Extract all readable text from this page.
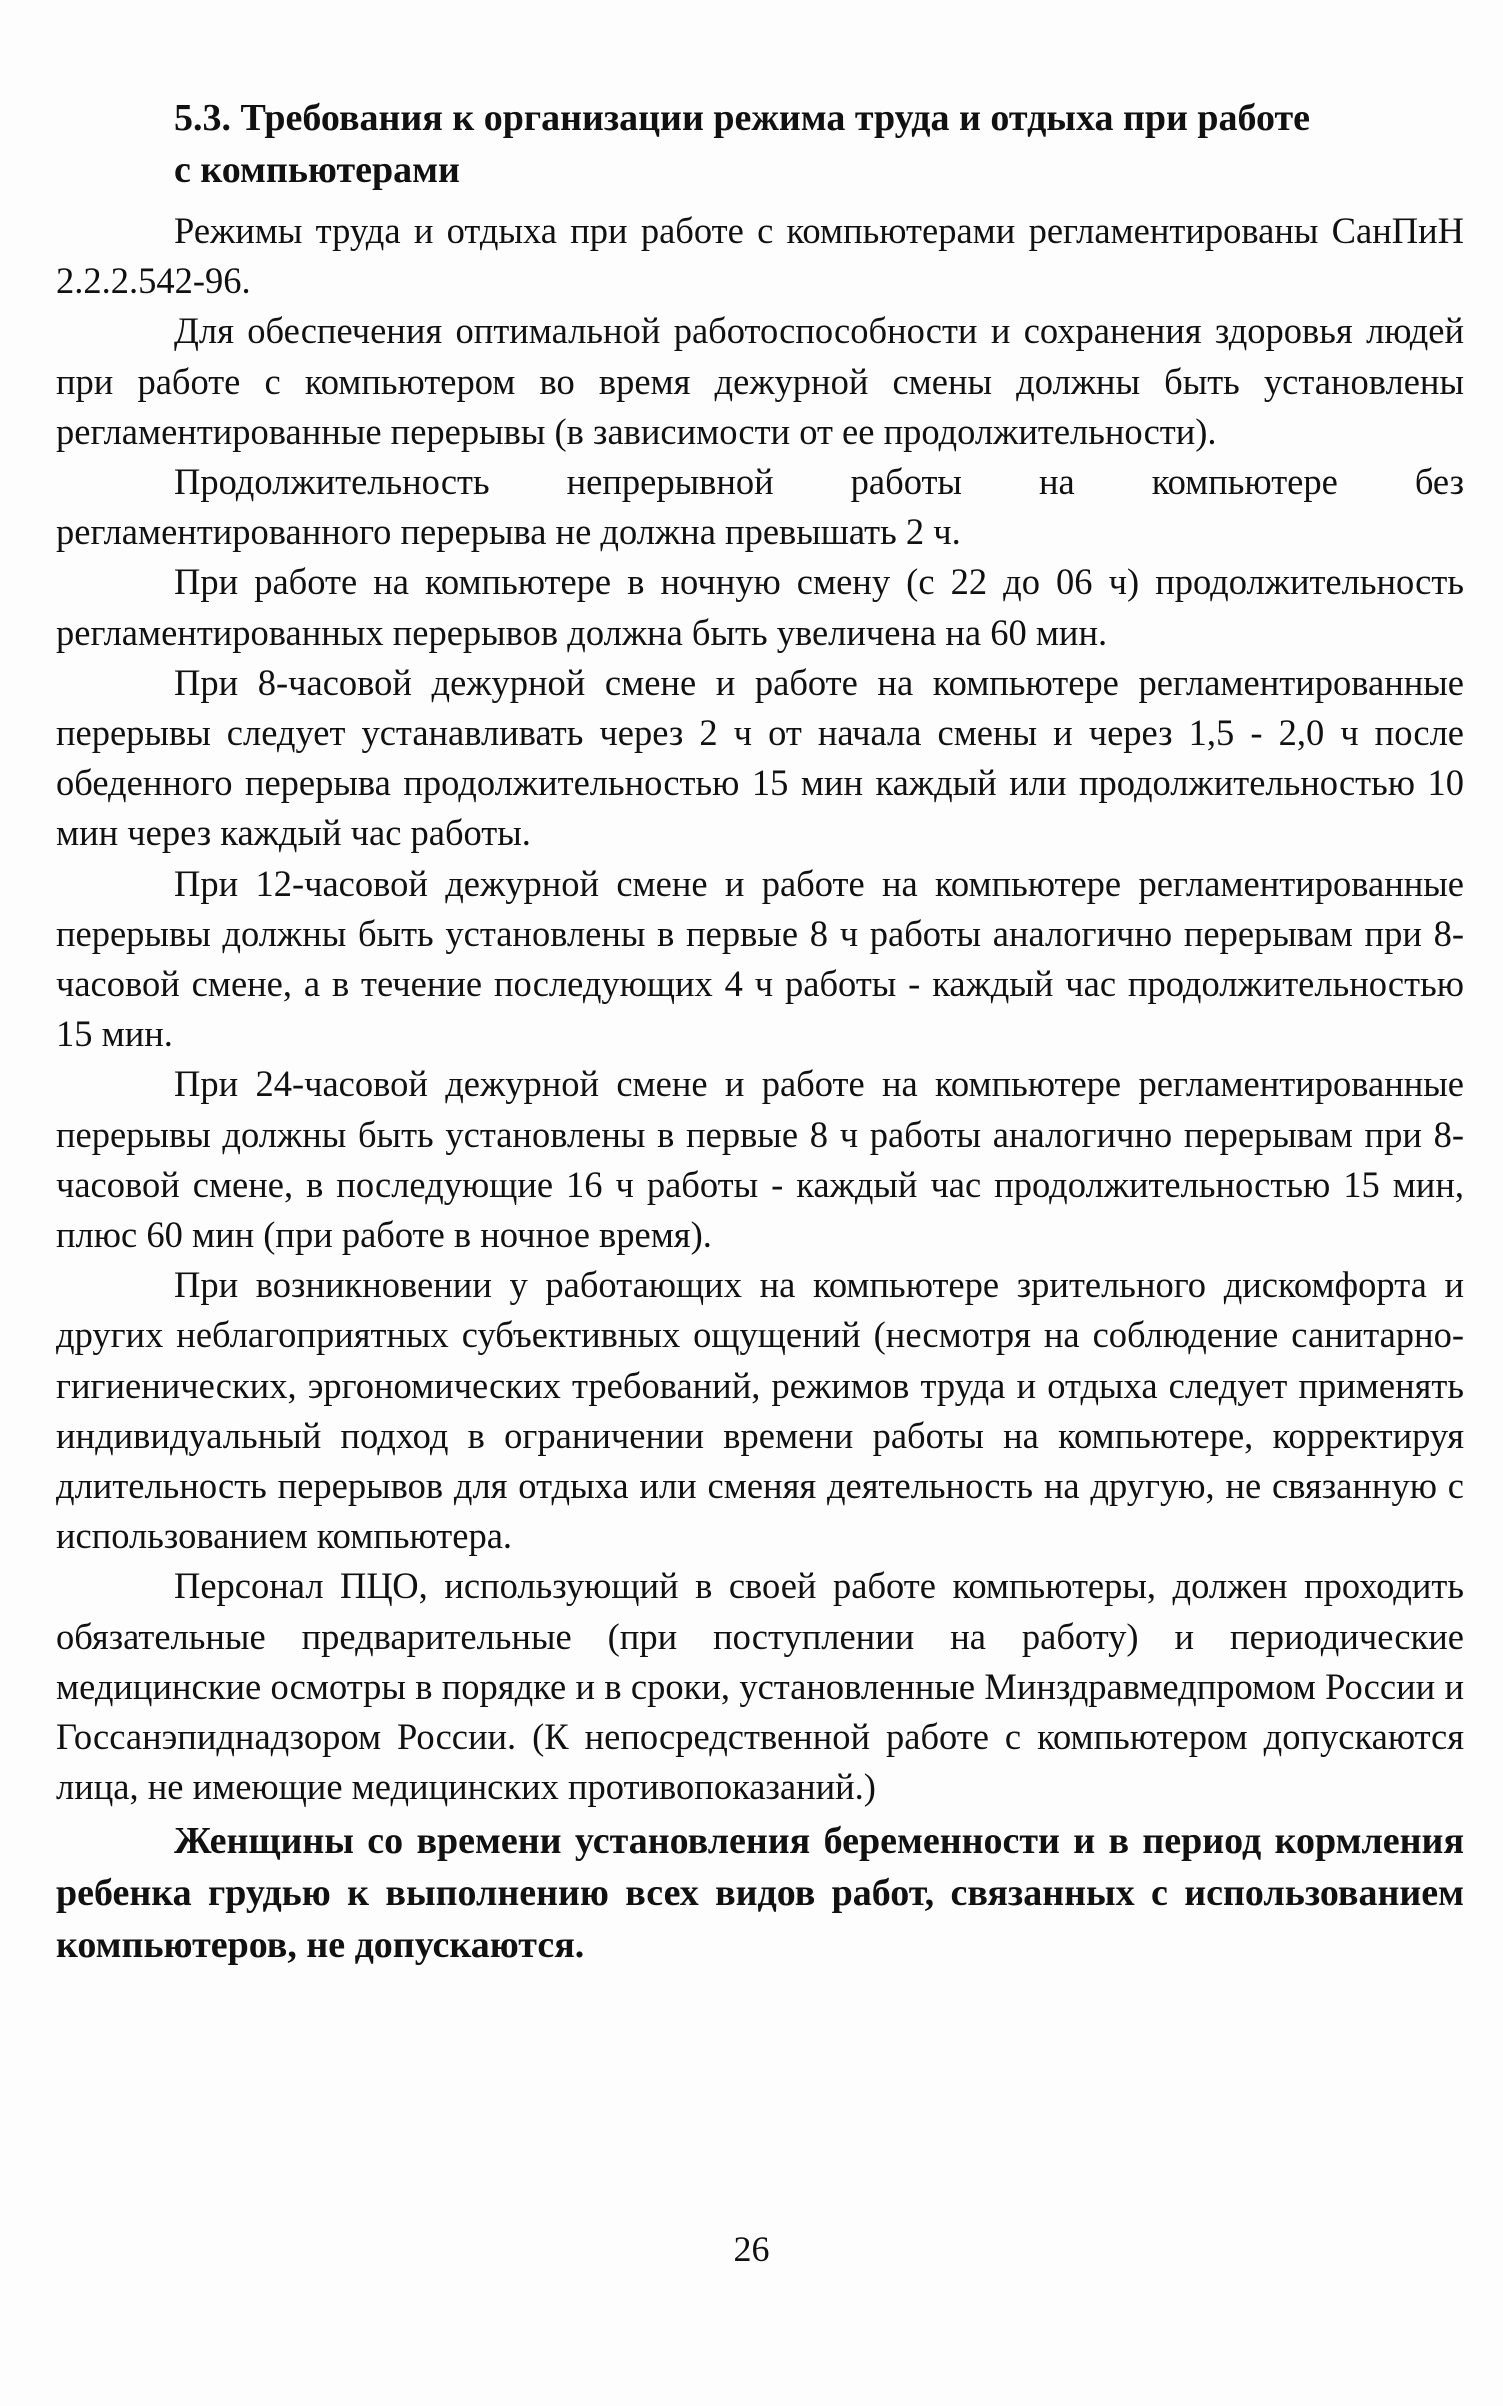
5.3. Требования к организации режима труда и отдыха при работе
с компьютерами

Режимы труда и отдыха при работе с компьютерами регламентированы СанПиН 2.2.2.542-96.

Для обеспечения оптимальной работоспособности и сохранения здоровья людей при работе с компьютером во время дежурной смены должны быть установлены регламентированные перерывы (в зависимости от ее продолжительности).

Продолжительность непрерывной работы на компьютере без регламентированного перерыва не должна превышать 2 ч.

При работе на компьютере в ночную смену (с 22 до 06 ч) продолжительность регламентированных перерывов должна быть увеличена на 60 мин.

При 8-часовой дежурной смене и работе на компьютере регламентированные перерывы следует устанавливать через 2 ч от начала смены и через 1,5 - 2,0 ч после обеденного перерыва продолжительностью 15 мин каждый или продолжительностью 10 мин через каждый час работы.

При 12-часовой дежурной смене и работе на компьютере регламентированные перерывы должны быть установлены в первые 8 ч работы аналогично перерывам при 8-часовой смене, а в течение последующих 4 ч работы - каждый час продолжительностью 15 мин.

При 24-часовой дежурной смене и работе на компьютере регламентированные перерывы должны быть установлены в первые 8 ч работы аналогично перерывам при 8-часовой смене, в последующие 16 ч работы - каждый час продолжительностью 15 мин, плюс 60 мин (при работе в ночное время).

При возникновении у работающих на компьютере зрительного дискомфорта и других неблагоприятных субъективных ощущений (несмотря на соблюдение санитарно-гигиенических, эргономических требований, режимов труда и отдыха следует применять индивидуальный подход в ограничении времени работы на компьютере, корректируя длительность перерывов для отдыха или сменяя деятельность на другую, не связанную с использованием компьютера.

Персонал ПЦО, использующий в своей работе компьютеры, должен проходить обязательные предварительные (при поступлении на работу) и периодические медицинские осмотры в порядке и в сроки, установленные Минздравмедпромом России и Госсанэпиднадзором России. (К непосредственной работе с компьютером допускаются лица, не имеющие медицинских противопоказаний.)

Женщины со времени установления беременности и в период кормления ребенка грудью к выполнению всех видов работ, связанных с использованием компьютеров, не допускаются.

26
